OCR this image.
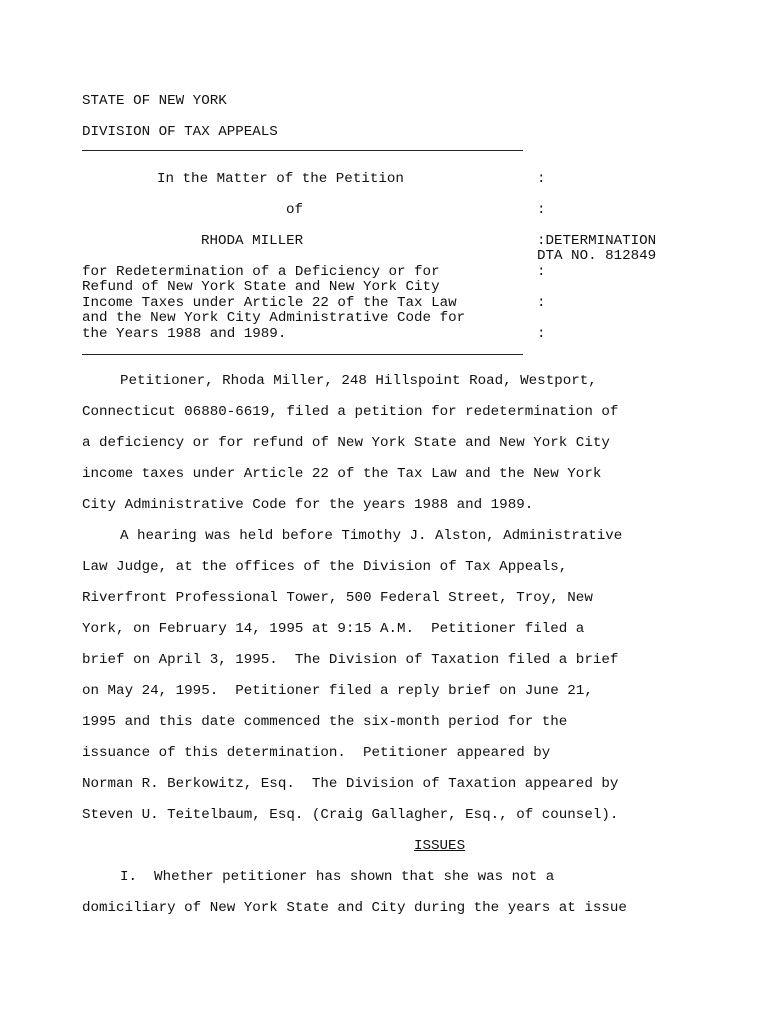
STATE OF NEW YORK
DIVISION OF TAX APPEALS
In the Matter of the Petition	:
of	:
RHODA MILLER	:DETERMINATION
DTA NO. 812849
for Redetermination of a Deficiency or for	:
Refund of New York State and New York City
Income Taxes under Article 22 of the Tax Law	:
and the New York City Administrative Code for
the Years 1988 and 1989.	:
Petitioner, Rhoda Miller, 248 Hillspoint Road, Westport,
Connecticut 06880-6619, filed a petition for redetermination of
a deficiency or for refund of New York State and New York City
income taxes under Article 22 of the Tax Law and the New York
City Administrative Code for the years 1988 and 1989.
A hearing was held before Timothy J. Alston, Administrative
Law Judge, at the offices of the Division of Tax Appeals,
Riverfront Professional Tower, 500 Federal Street, Troy, New
York, on February 14, 1995 at 9:15 A.M.  Petitioner filed a
brief on April 3, 1995.  The Division of Taxation filed a brief
on May 24, 1995.  Petitioner filed a reply brief on June 21,
1995 and this date commenced the six-month period for the
issuance of this determination.  Petitioner appeared by
Norman R. Berkowitz, Esq.  The Division of Taxation appeared by
Steven U. Teitelbaum, Esq. (Craig Gallagher, Esq., of counsel).
ISSUES
I.  Whether petitioner has shown that she was not a
domiciliary of New York State and City during the years at issue
